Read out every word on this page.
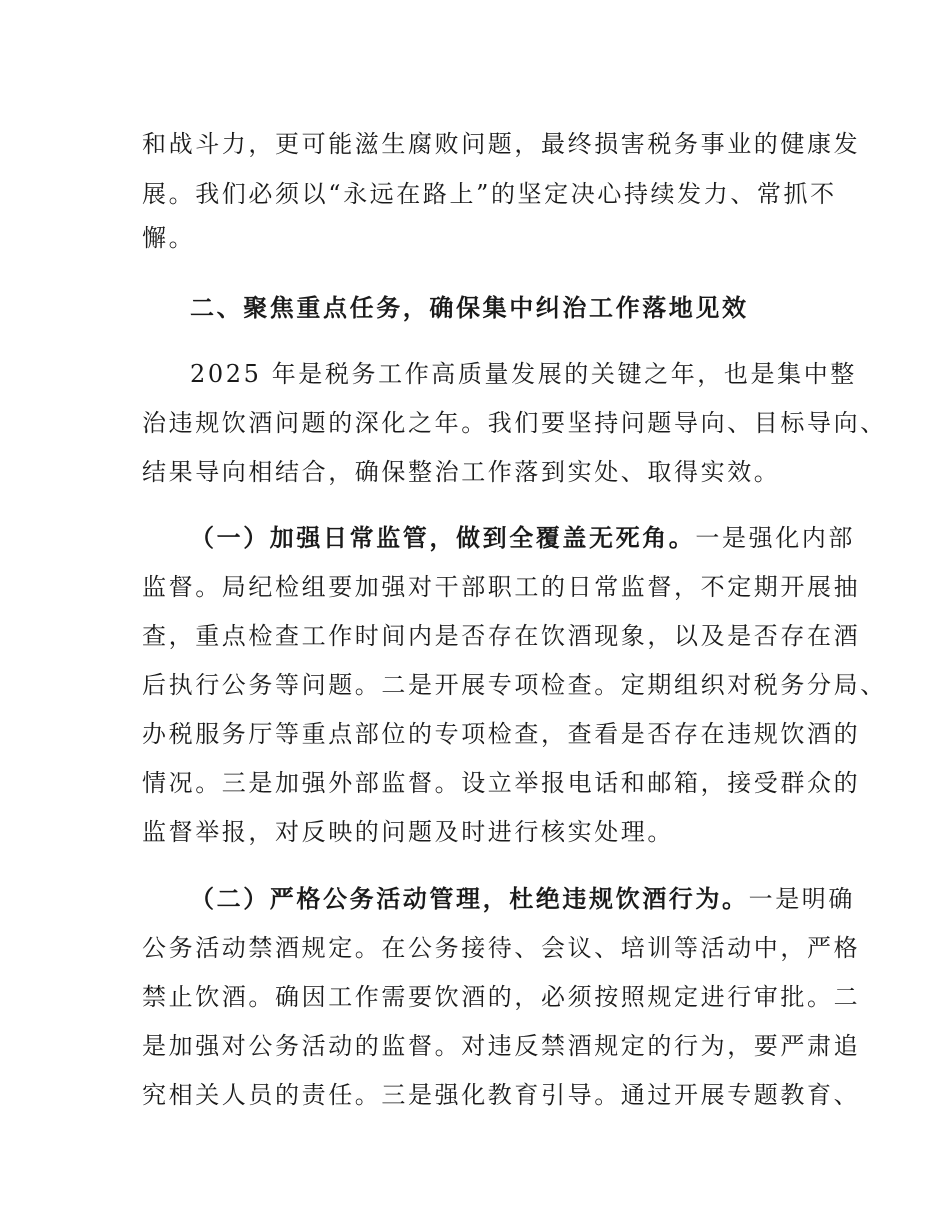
和战斗力，更可能滋生腐败问题，最终损害税务事业的健康发
展。我们必须以“永远在路上”的坚定决心持续发力、常抓不
懈。
二、聚焦重点任务，确保集中纠治工作落地见效
2025 年是税务工作高质量发展的关键之年，也是集中整
治违规饮酒问题的深化之年。我们要坚持问题导向、目标导向、
结果导向相结合，确保整治工作落到实处、取得实效。
（一）加强日常监管，做到全覆盖无死角。一是强化内部
监督。局纪检组要加强对干部职工的日常监督，不定期开展抽
查，重点检查工作时间内是否存在饮酒现象，以及是否存在酒
后执行公务等问题。二是开展专项检查。定期组织对税务分局、
办税服务厅等重点部位的专项检查，查看是否存在违规饮酒的
情况。三是加强外部监督。设立举报电话和邮箱，接受群众的
监督举报，对反映的问题及时进行核实处理。
（二）严格公务活动管理，杜绝违规饮酒行为。一是明确
公务活动禁酒规定。在公务接待、会议、培训等活动中，严格
禁止饮酒。确因工作需要饮酒的，必须按照规定进行审批。二
是加强对公务活动的监督。对违反禁酒规定的行为，要严肃追
究相关人员的责任。三是强化教育引导。通过开展专题教育、
